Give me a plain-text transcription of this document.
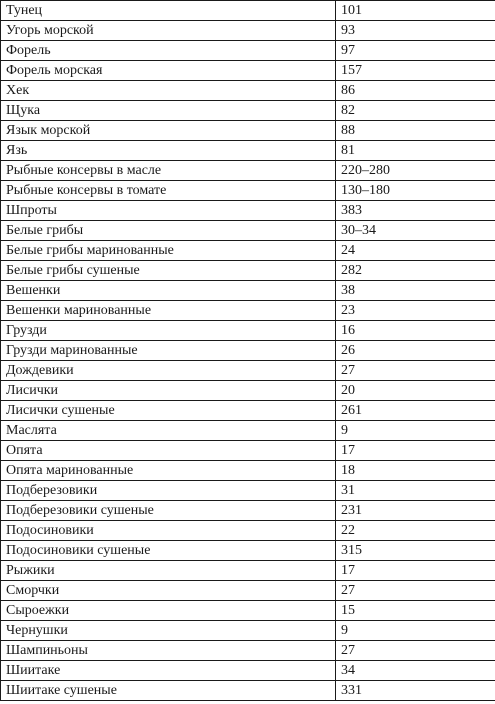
Тунец	101
Угорь морской	93
Форель	97
Форель морская	157
Хек	86
Щука	82
Язык морской	88
Язь	81
Рыбные консервы в масле	220–280
Рыбные консервы в томате	130–180
Шпроты	383
Белые грибы	30–34
Белые грибы маринованные	24
Белые грибы сушеные	282
Вешенки	38
Вешенки маринованные	23
Грузди	16
Грузди маринованные	26
Дождевики	27
Лисички	20
Лисички сушеные	261
Маслята	9
Опята	17
Опята маринованные	18
Подберезовики	31
Подберезовики сушеные	231
Подосиновики	22
Подосиновики сушеные	315
Рыжики	17
Сморчки	27
Сыроежки	15
Чернушки	9
Шампиньоны	27
Шиитаке	34
Шиитаке сушеные	331
